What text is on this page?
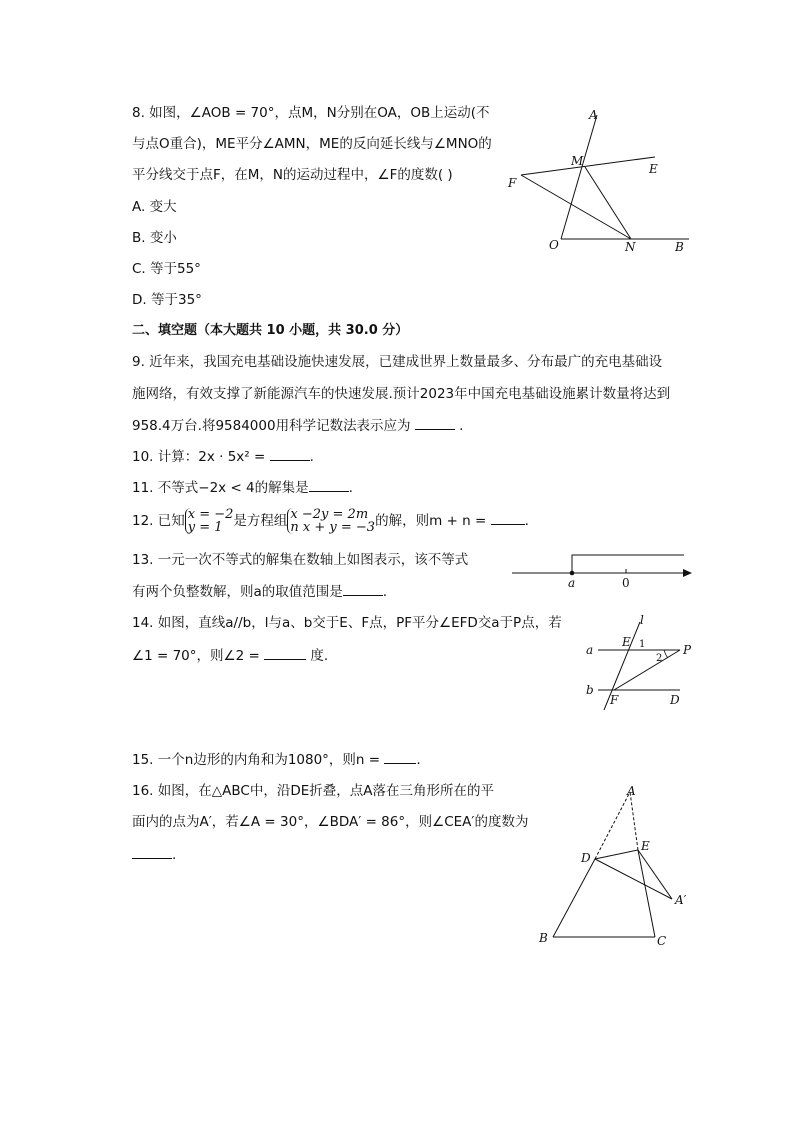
8. 如图，∠AOB = 70°，点M，N分别在OA，OB上运动(不
与点O重合)，ME平分∠AMN，ME的反向延长线与∠MNO的
平分线交于点F，在M，N的运动过程中，∠F的度数( )
A. 变大
B. 变小
C. 等于55°
D. 等于35°
A
M
E
F
O	N	B
二、填空题（本大题共 10 小题，共 30.0 分）
9. 近年来，我国充电基础设施快速发展，已建成世界上数量最多、分布最广的充电基础设
施网络，有效支撑了新能源汽车的快速发展.预计2023年中国充电基础设施累计数量将达到
958.4万台.将9584000用科学记数法表示应为	.
10. 计算：2x · 5x² =	.
11. 不等式−2x < 4的解集是	.
12. 已知 x = −2
y = 1 是方程组 x −2y = 2m
n x + y = −3 的解，则m + n =	.
13. 一元一次不等式的解集在数轴上如图表示，该不等式
有两个负整数解，则a的取值范围是	.
a	0
14. 如图，直线a//b，l与a、b交于E、F点，PF平分∠EFD交a于P点，若
∠1 = 70°，则∠2 =	度.
l
a
E 1
2
P
b
F	D
15. 一个n边形的内角和为1080°，则n =	.
16. 如图，在△ABC中，沿DE折叠，点A落在三角形所在的平
面内的点为A′，若∠A = 30°，∠BDA′ = 86°，则∠CEA′的度数为
.
A
D
E
A′
B	C
